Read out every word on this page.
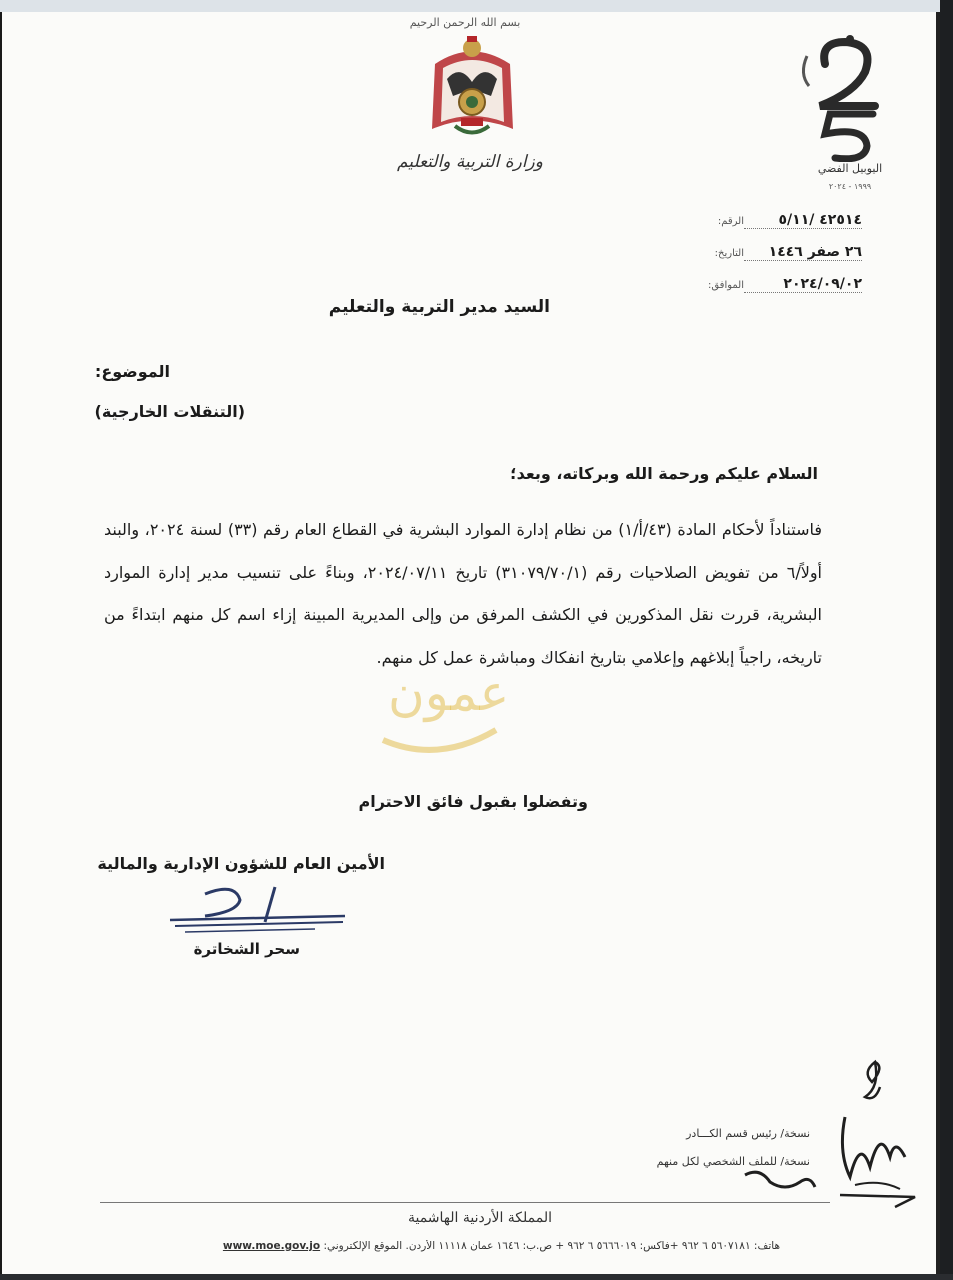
بسم الله الرحمن الرحيم
وزارة التربية والتعليم	اليوبيل الفضي
١٩٩٩ - ٢٠٢٤
الرقم: ٤٢٥١٤ /٥/١١
التاريخ: ٢٦ صفر ١٤٤٦
الموافق:	٢٠٢٤/٠٩/٠٢
السيد مدير التربية والتعليم
الموضوع:
(التنقلات الخارجية)
السلام عليكم ورحمة الله وبركاته، وبعد؛
فاستناداً لأحكام المادة (٤٣/أ/١) من نظام إدارة الموارد البشرية في القطاع العام رقم (٣٣) لسنة ٢٠٢٤، والبند أولاً/٦ من تفويض الصلاحيات رقم (٣١٠٧٩/٧٠/١) تاريخ ٢٠٢٤/٠٧/١١، وبناءً على تنسيب مدير إدارة الموارد البشرية، قررت نقل المذكورين في الكشف المرفق من وإلى المديرية المبينة إزاء اسم كل منهم ابتداءً من تاريخه، راجياً إبلاغهم وإعلامي بتاريخ انفكاك ومباشرة عمل كل منهم.
عمون
وتفضلوا بقبول فائق الاحترام
الأمين العام للشؤون الإدارية والمالية
سحر الشخاترة
نسخة/ رئيس قسم الكـــادر
نسخة/ للملف الشخصي لكل منهم
المملكة الأردنية الهاشمية
هاتف: ٥٦٠٧١٨١ ٦ ٩٦٢ +فاكس: ٥٦٦٦٠١٩ ٦ ٩٦٢ + ص.ب: ١٦٤٦ عمان ١١١١٨ الأردن. الموقع الإلكتروني: www.moe.gov.jo
